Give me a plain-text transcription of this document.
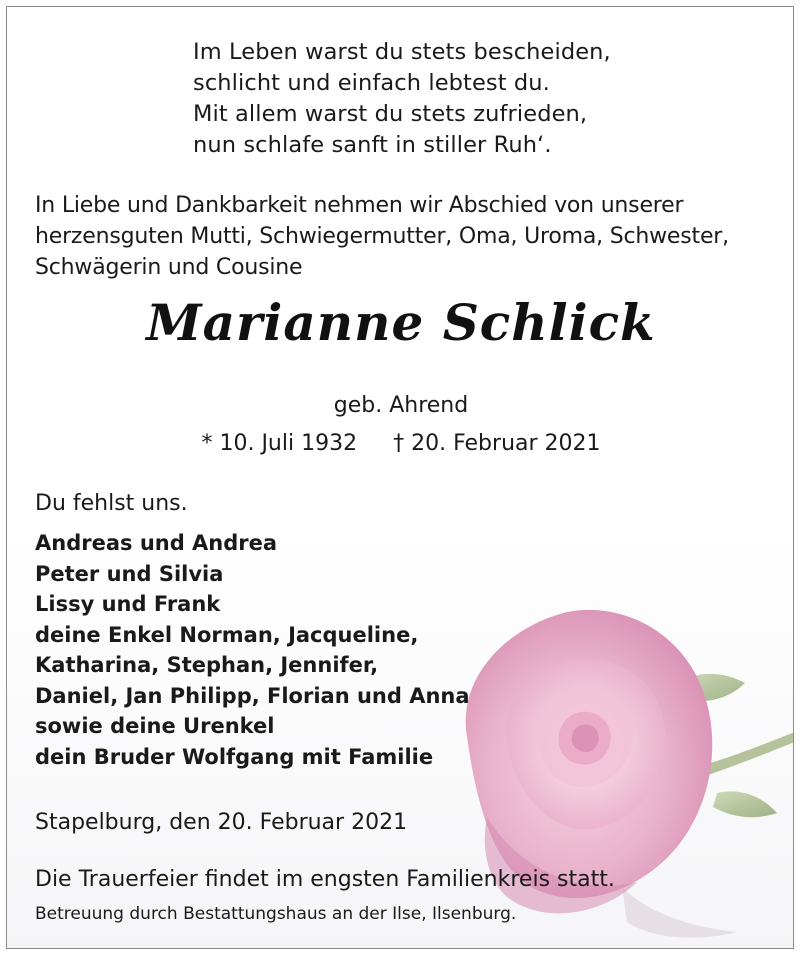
Im Leben warst du stets bescheiden,
schlicht und einfach lebtest du.
Mit allem warst du stets zufrieden,
nun schlafe sanft in stiller Ruh‘.
In Liebe und Dankbarkeit nehmen wir Abschied von unserer
herzensguten Mutti, Schwiegermutter, Oma, Uroma, Schwester,
Schwägerin und Cousine
Marianne Schlick
geb. Ahrend
* 10. Juli 1932 † 20. Februar 2021
Du fehlst uns.
Andreas und Andrea
Peter und Silvia
Lissy und Frank
deine Enkel Norman, Jacqueline,
Katharina, Stephan, Jennifer,
Daniel, Jan Philipp, Florian und Anna
sowie deine Urenkel
dein Bruder Wolfgang mit Familie
Stapelburg, den 20. Februar 2021
Die Trauerfeier findet im engsten Familienkreis statt.
Betreuung durch Bestattungshaus an der Ilse, Ilsenburg.
